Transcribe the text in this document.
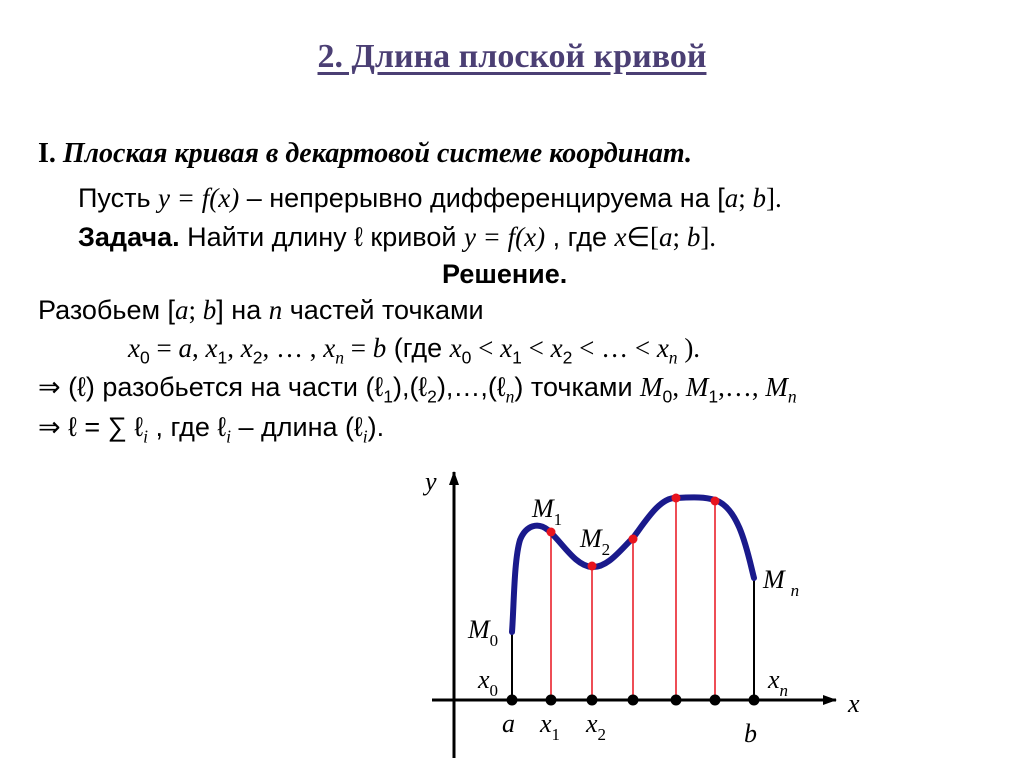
2. Длина плоской кривой
I. Плоская кривая в декартовой системе координат.
Пусть y = f(x) – непрерывно дифференцируема на [a; b].
Задача. Найти длину ℓ кривой y = f(x) , где x∈[a; b].
Решение.
Разобьем [a; b] на n частей точками
$x_0 = a$, $x_1$, $x_2$, … , $x_n = b$ (где $x_0 < x_1 < x_2$ < … < $x_n$ ).
⇒ (ℓ) разобьется на части (ℓ$_1$),(ℓ$_2$),…,(ℓ$_n$) точками $M_0$, $M_1,\dots$, $M_n$
⇒ ℓ = ∑ ℓ$_i$ , где ℓ$_i$ – длина (ℓ$_i$).
y
x
$M_1$
$M_2$
M $_n$
$M_0$
$x_0$	$x_n$
a $x_1$ $x_2$	b
